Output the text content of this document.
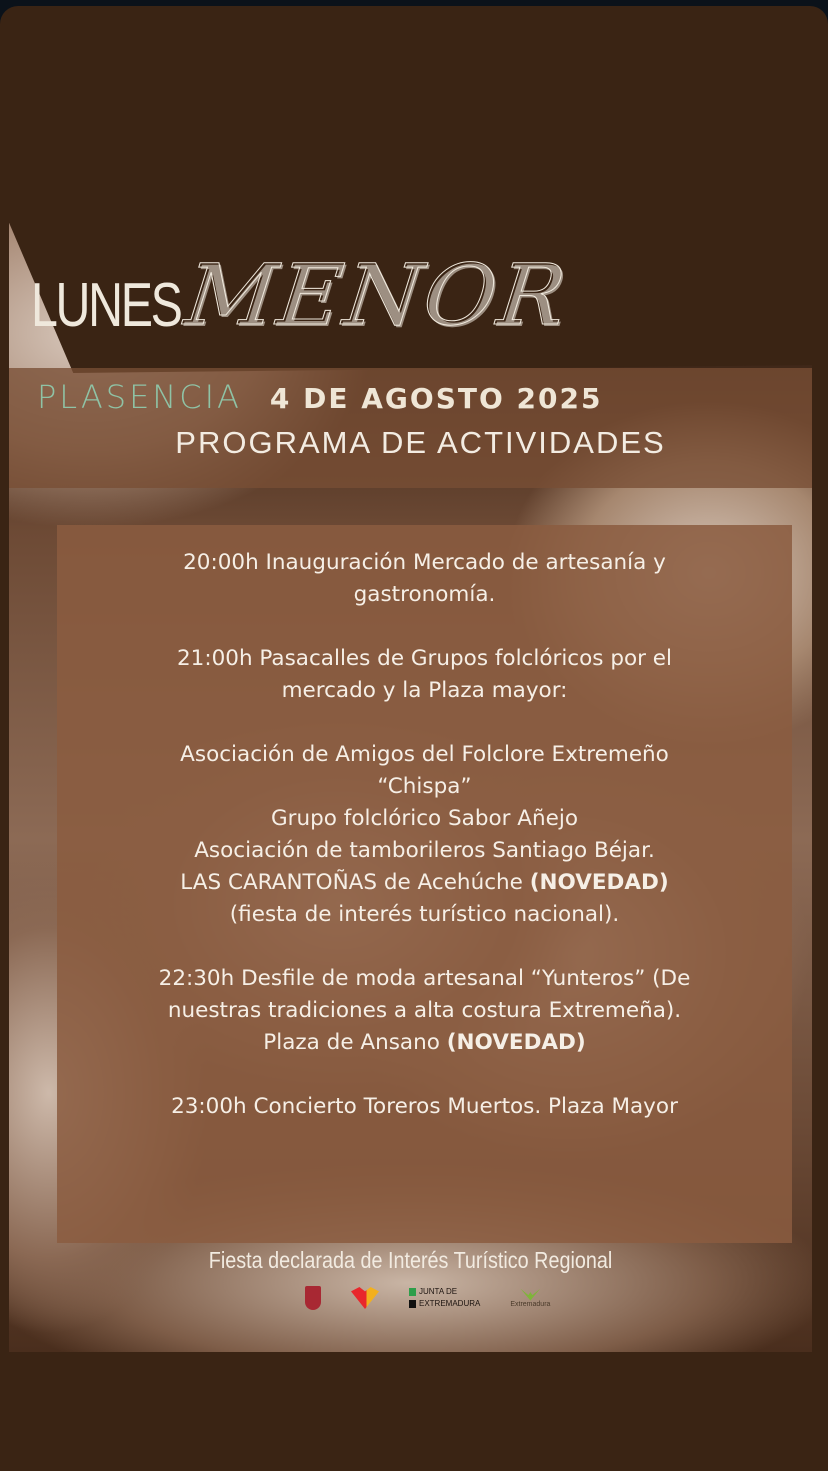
LUNES MENOR
PLASENCIA 4 DE AGOSTO 2025
PROGRAMA DE ACTIVIDADES
20:00h Inauguración Mercado de artesanía y
gastronomía.
21:00h Pasacalles de Grupos folclóricos por el
mercado y la Plaza mayor:
Asociación de Amigos del Folclore Extremeño
“Chispa”
Grupo folclórico Sabor Añejo
Asociación de tamborileros Santiago Béjar.
LAS CARANTOÑAS de Acehúche (NOVEDAD)
(fiesta de interés turístico nacional).
22:30h Desfile de moda artesanal “Yunteros” (De
nuestras tradiciones a alta costura Extremeña).
Plaza de Ansano (NOVEDAD)
23:00h Concierto Toreros Muertos. Plaza Mayor
Fiesta declarada de Interés Turístico Regional
JUNTA DE
EXTREMADURA	Extremadura
